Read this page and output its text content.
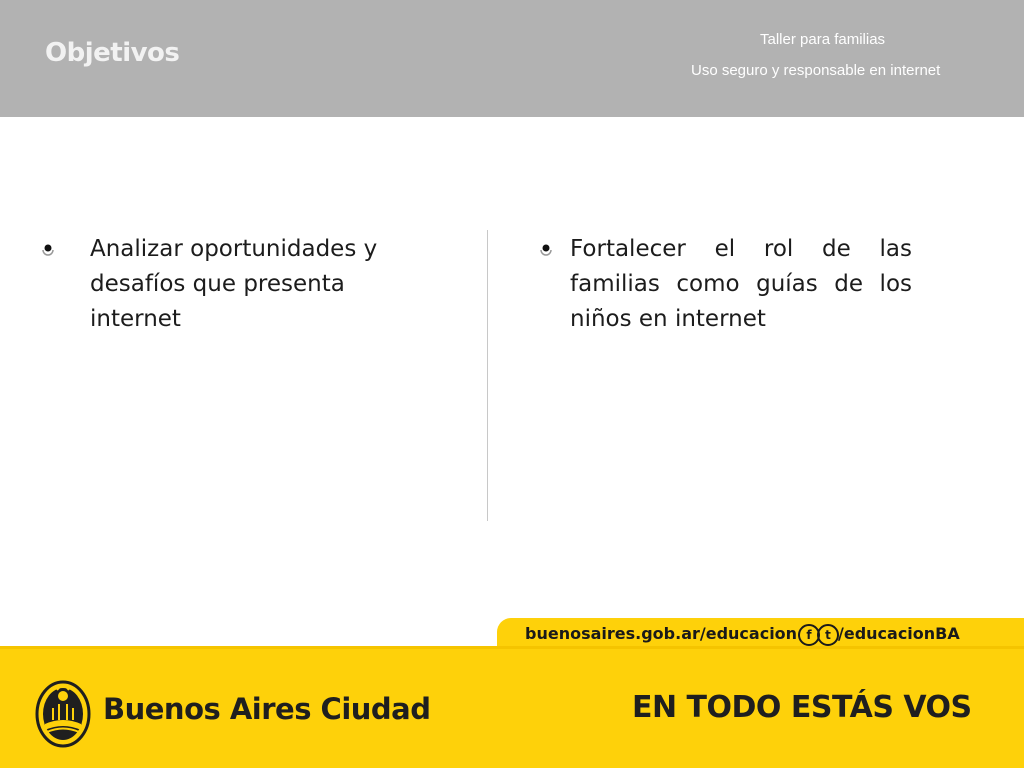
Objetivos	Taller para familias
Uso seguro y responsable en internet
Analizar oportunidades y desafíos que presenta internet
Fortalecer el rol de las familias como guías de los niños en internet
buenosaires.gob.ar/educacion f	t /educacionBA
Buenos Aires Ciudad	EN TODO ESTÁS VOS
